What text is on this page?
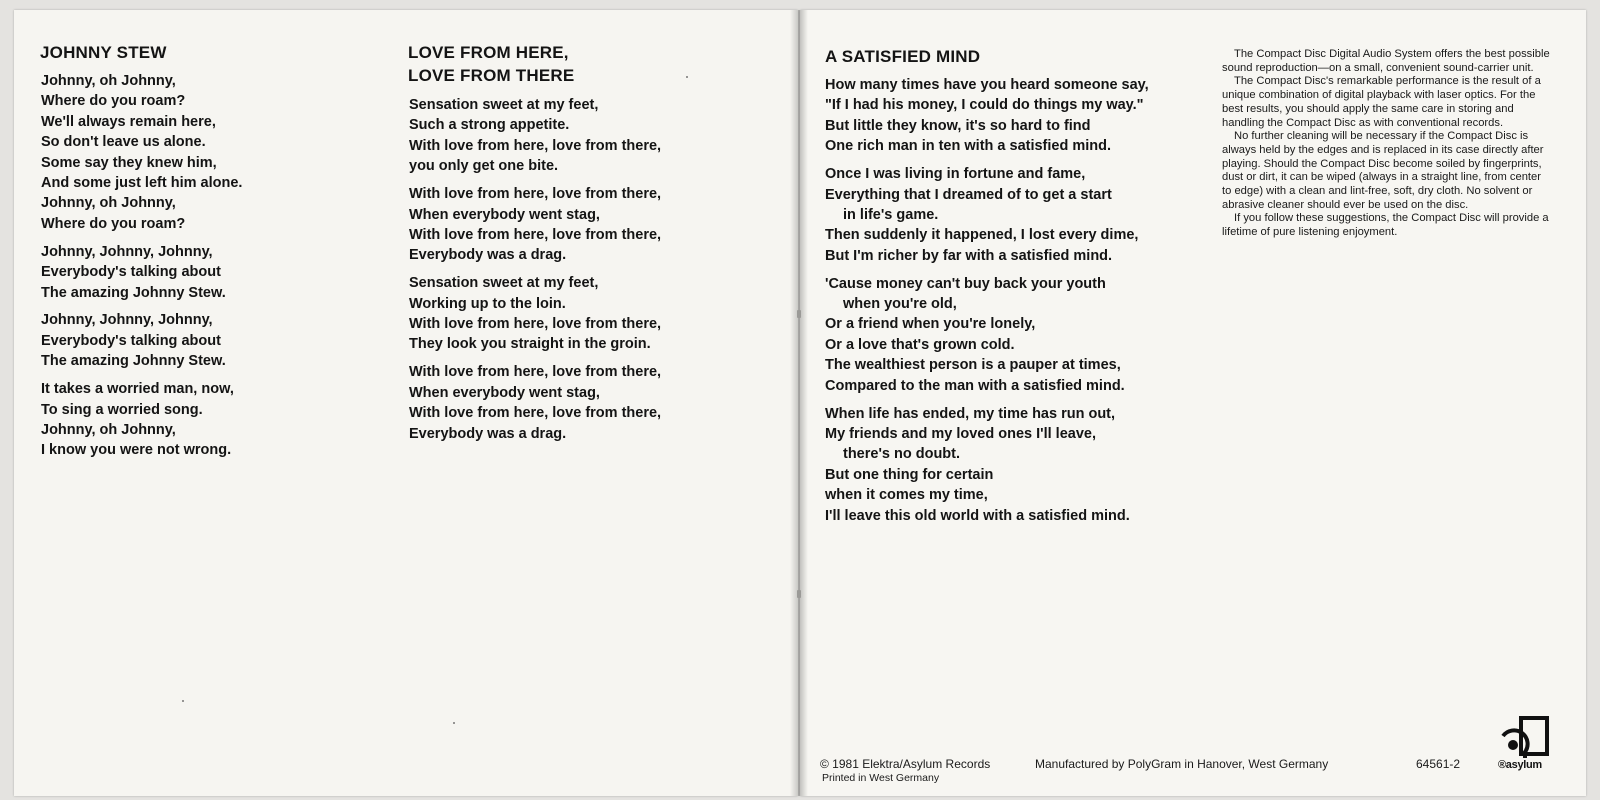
JOHNNY STEW
Johnny, oh Johnny,
Where do you roam?
We'll always remain here,
So don't leave us alone.
Some say they knew him,
And some just left him alone.
Johnny, oh Johnny,
Where do you roam?
Johnny, Johnny, Johnny,
Everybody's talking about
The amazing Johnny Stew.
Johnny, Johnny, Johnny,
Everybody's talking about
The amazing Johnny Stew.
It takes a worried man, now,
To sing a worried song.
Johnny, oh Johnny,
I know you were not wrong.
LOVE FROM HERE,
LOVE FROM THERE
Sensation sweet at my feet,
Such a strong appetite.
With love from here, love from there,
you only get one bite.
With love from here, love from there,
When everybody went stag,
With love from here, love from there,
Everybody was a drag.
Sensation sweet at my feet,
Working up to the loin.
With love from here, love from there,
They look you straight in the groin.
With love from here, love from there,
When everybody went stag,
With love from here, love from there,
Everybody was a drag.
A SATISFIED MIND
How many times have you heard someone say,
"If I had his money, I could do things my way."
But little they know, it's so hard to find
One rich man in ten with a satisfied mind.
Once I was living in fortune and fame,
Everything that I dreamed of to get a start
in life's game.
Then suddenly it happened, I lost every dime,
But I'm richer by far with a satisfied mind.
'Cause money can't buy back your youth
when you're old,
Or a friend when you're lonely,
Or a love that's grown cold.
The wealthiest person is a pauper at times,
Compared to the man with a satisfied mind.
When life has ended, my time has run out,
My friends and my loved ones I'll leave,
there's no doubt.
But one thing for certain
when it comes my time,
I'll leave this old world with a satisfied mind.

The Compact Disc Digital Audio System offers the best possible sound reproduction—on a small, convenient sound-carrier unit.

The Compact Disc's remarkable performance is the result of a unique combination of digital playback with laser optics. For the best results, you should apply the same care in storing and handling the Compact Disc as with conventional records.

No further cleaning will be necessary if the Compact Disc is always held by the edges and is replaced in its case directly after playing. Should the Compact Disc become soiled by fingerprints, dust or dirt, it can be wiped (always in a straight line, from center to edge) with a clean and lint-free, soft, dry cloth. No solvent or abrasive cleaner should ever be used on the disc.

If you follow these suggestions, the Compact Disc will provide a lifetime of pure listening enjoyment.

© 1981 Elektra/Asylum Records	Manufactured by PolyGram in Hanover, West Germany	64561-2
Printed in West Germany
®asylum
